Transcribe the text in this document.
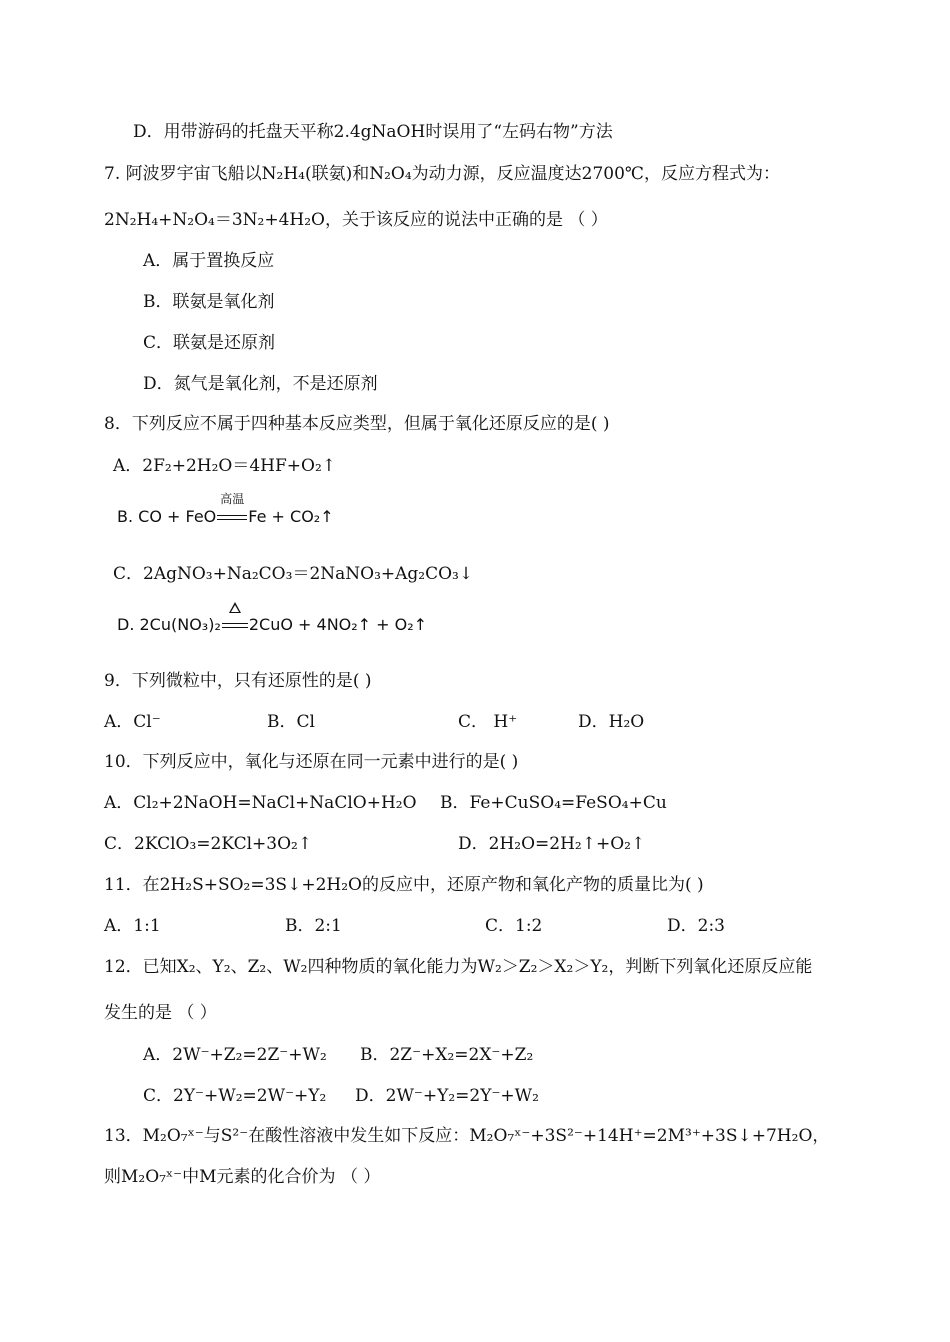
D．用带游码的托盘天平称2.4gNaOH时误用了“左码右物”方法
7. 阿波罗宇宙飞船以N₂H₄(联氨)和N₂O₄为动力源，反应温度达2700℃，反应方程式为：
2N₂H₄+N₂O₄＝3N₂+4H₂O，关于该反应的说法中正确的是 （ ）
A．属于置换反应
B．联氨是氧化剂
C．联氨是还原剂
D．氮气是氧化剂，不是还原剂
8．下列反应不属于四种基本反应类型，但属于氧化还原反应的是( )
A．2F₂+2H₂O＝4HF+O₂↑
B. CO + FeO
高温
Fe + CO₂↑
C．2AgNO₃+Na₂CO₃＝2NaNO₃+Ag₂CO₃↓
D. 2Cu(NO₃)₂ 2CuO + 4NO₂↑ + O₂↑
9．下列微粒中，只有还原性的是( )
A．Cl⁻	B．Cl	C． H⁺	D．H₂O
10．下列反应中，氧化与还原在同一元素中进行的是( )
A．Cl₂+2NaOH=NaCl+NaClO+H₂O B．Fe+CuSO₄=FeSO₄+Cu
C．2KClO₃=2KCl+3O₂↑	D．2H₂O=2H₂↑+O₂↑
11．在2H₂S+SO₂=3S↓+2H₂O的反应中，还原产物和氧化产物的质量比为( )
A．1:1	B．2:1	C．1:2	D．2:3
12．已知X₂、Y₂、Z₂、W₂四种物质的氧化能力为W₂＞Z₂＞X₂＞Y₂，判断下列氧化还原反应能
发生的是 （ ）
A．2W⁻+Z₂=2Z⁻+W₂ B．2Z⁻+X₂=2X⁻+Z₂
C．2Y⁻+W₂=2W⁻+Y₂ D．2W⁻+Y₂=2Y⁻+W₂
13．M₂O₇ˣ⁻与S²⁻在酸性溶液中发生如下反应：M₂O₇ˣ⁻+3S²⁻+14H⁺=2M³⁺+3S↓+7H₂O，
则M₂O₇ˣ⁻中M元素的化合价为 （ ）
